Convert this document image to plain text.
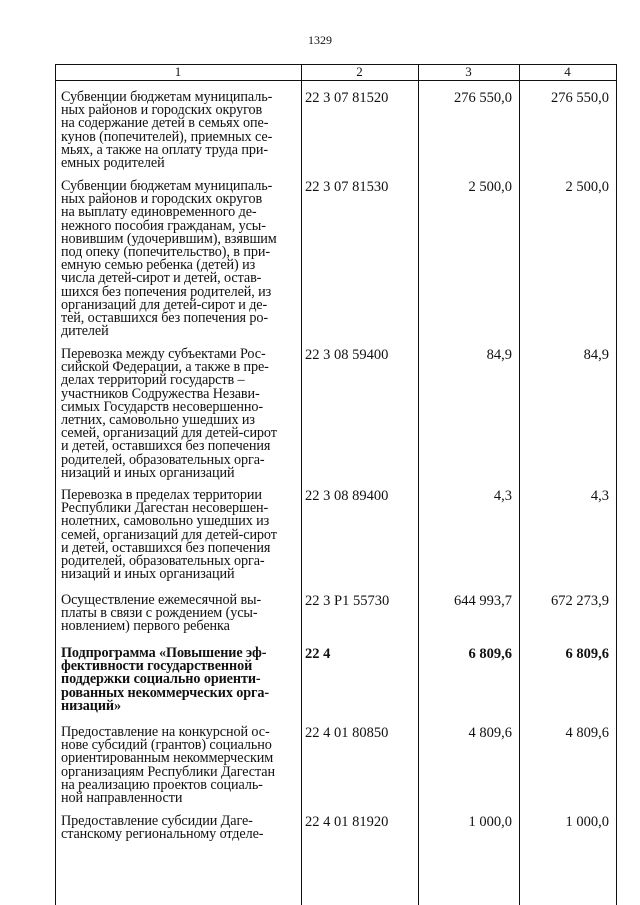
1329
1	2	3	4
Субвенции бюджетам муниципаль-
ных районов и городских округов
на содержание детей в семьях опе-
кунов (попечителей), приемных се-
мьях, а также на оплату труда при-
емных родителей
22 3 07 81520	276 550,0	276 550,0
Субвенции бюджетам муниципаль-
ных районов и городских округов
на выплату единовременного де-
нежного пособия гражданам, усы-
новившим (удочерившим), взявшим
под опеку (попечительство), в при-
емную семью ребенка (детей) из
числа детей-сирот и детей, остав-
шихся без попечения родителей, из
организаций для детей-сирот и де-
тей, оставшихся без попечения ро-
дителей
22 3 07 81530	2 500,0	2 500,0
Перевозка между субъектами Рос-
сийской Федерации, а также в пре-
делах территорий государств –
участников Содружества Незави-
симых Государств несовершенно-
летних, самовольно ушедших из
семей, организаций для детей-сирот
и детей, оставшихся без попечения
родителей, образовательных орга-
низаций и иных организаций
22 3 08 59400	84,9	84,9
Перевозка в пределах территории
Республики Дагестан несовершен-
нолетних, самовольно ушедших из
семей, организаций для детей-сирот
и детей, оставшихся без попечения
родителей, образовательных орга-
низаций и иных организаций
22 3 08 89400	4,3	4,3
Осуществление ежемесячной вы-
платы в связи с рождением (усы-
новлением) первого ребенка
22 3 P1 55730	644 993,7	672 273,9
Подпрограмма «Повышение эф-
фективности государственной
поддержки социально ориенти-
рованных некоммерческих орга-
низаций»
22 4	6 809,6	6 809,6
Предоставление на конкурсной ос-
нове субсидий (грантов) социально
ориентированным некоммерческим
организациям Республики Дагестан
на реализацию проектов социаль-
ной направленности
22 4 01 80850	4 809,6	4 809,6
Предоставление субсидии Даге-
станскому региональному отделе-
22 4 01 81920	1 000,0	1 000,0
